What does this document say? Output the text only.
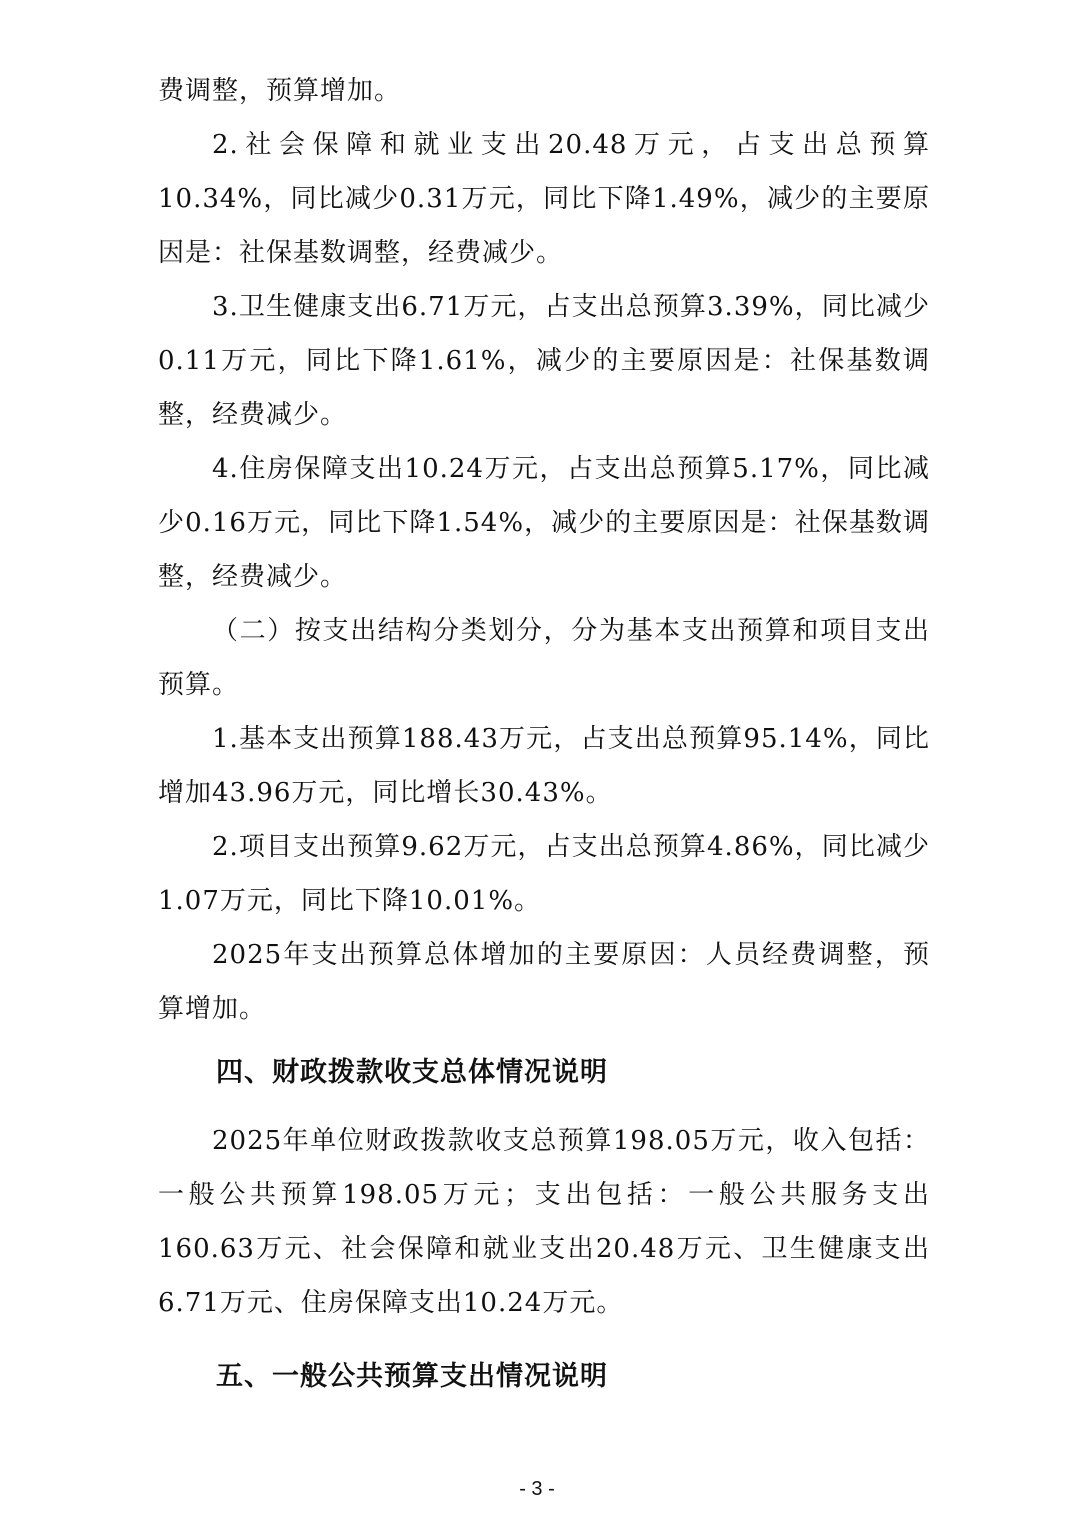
费调整，预算增加。

2.社会保障和就业支出20.48万元，占支出总预算10.34%，同比减少0.31万元，同比下降1.49%，减少的主要原因是：社保基数调整，经费减少。

3.卫生健康支出6.71万元，占支出总预算3.39%，同比减少0.11万元，同比下降1.61%，减少的主要原因是：社保基数调整，经费减少。

4.住房保障支出10.24万元，占支出总预算5.17%，同比减少0.16万元，同比下降1.54%，减少的主要原因是：社保基数调整，经费减少。

（二）按支出结构分类划分，分为基本支出预算和项目支出预算。

1.基本支出预算188.43万元，占支出总预算95.14%，同比增加43.96万元，同比增长30.43%。

2.项目支出预算9.62万元，占支出总预算4.86%，同比减少1.07万元，同比下降10.01%。

2025年支出预算总体增加的主要原因：人员经费调整，预算增加。

四、财政拨款收支总体情况说明

2025年单位财政拨款收支总预算198.05万元，收入包括：一般公共预算198.05万元；支出包括：一般公共服务支出160.63万元、社会保障和就业支出20.48万元、卫生健康支出6.71万元、住房保障支出10.24万元。

五、一般公共预算支出情况说明
- 3 -
